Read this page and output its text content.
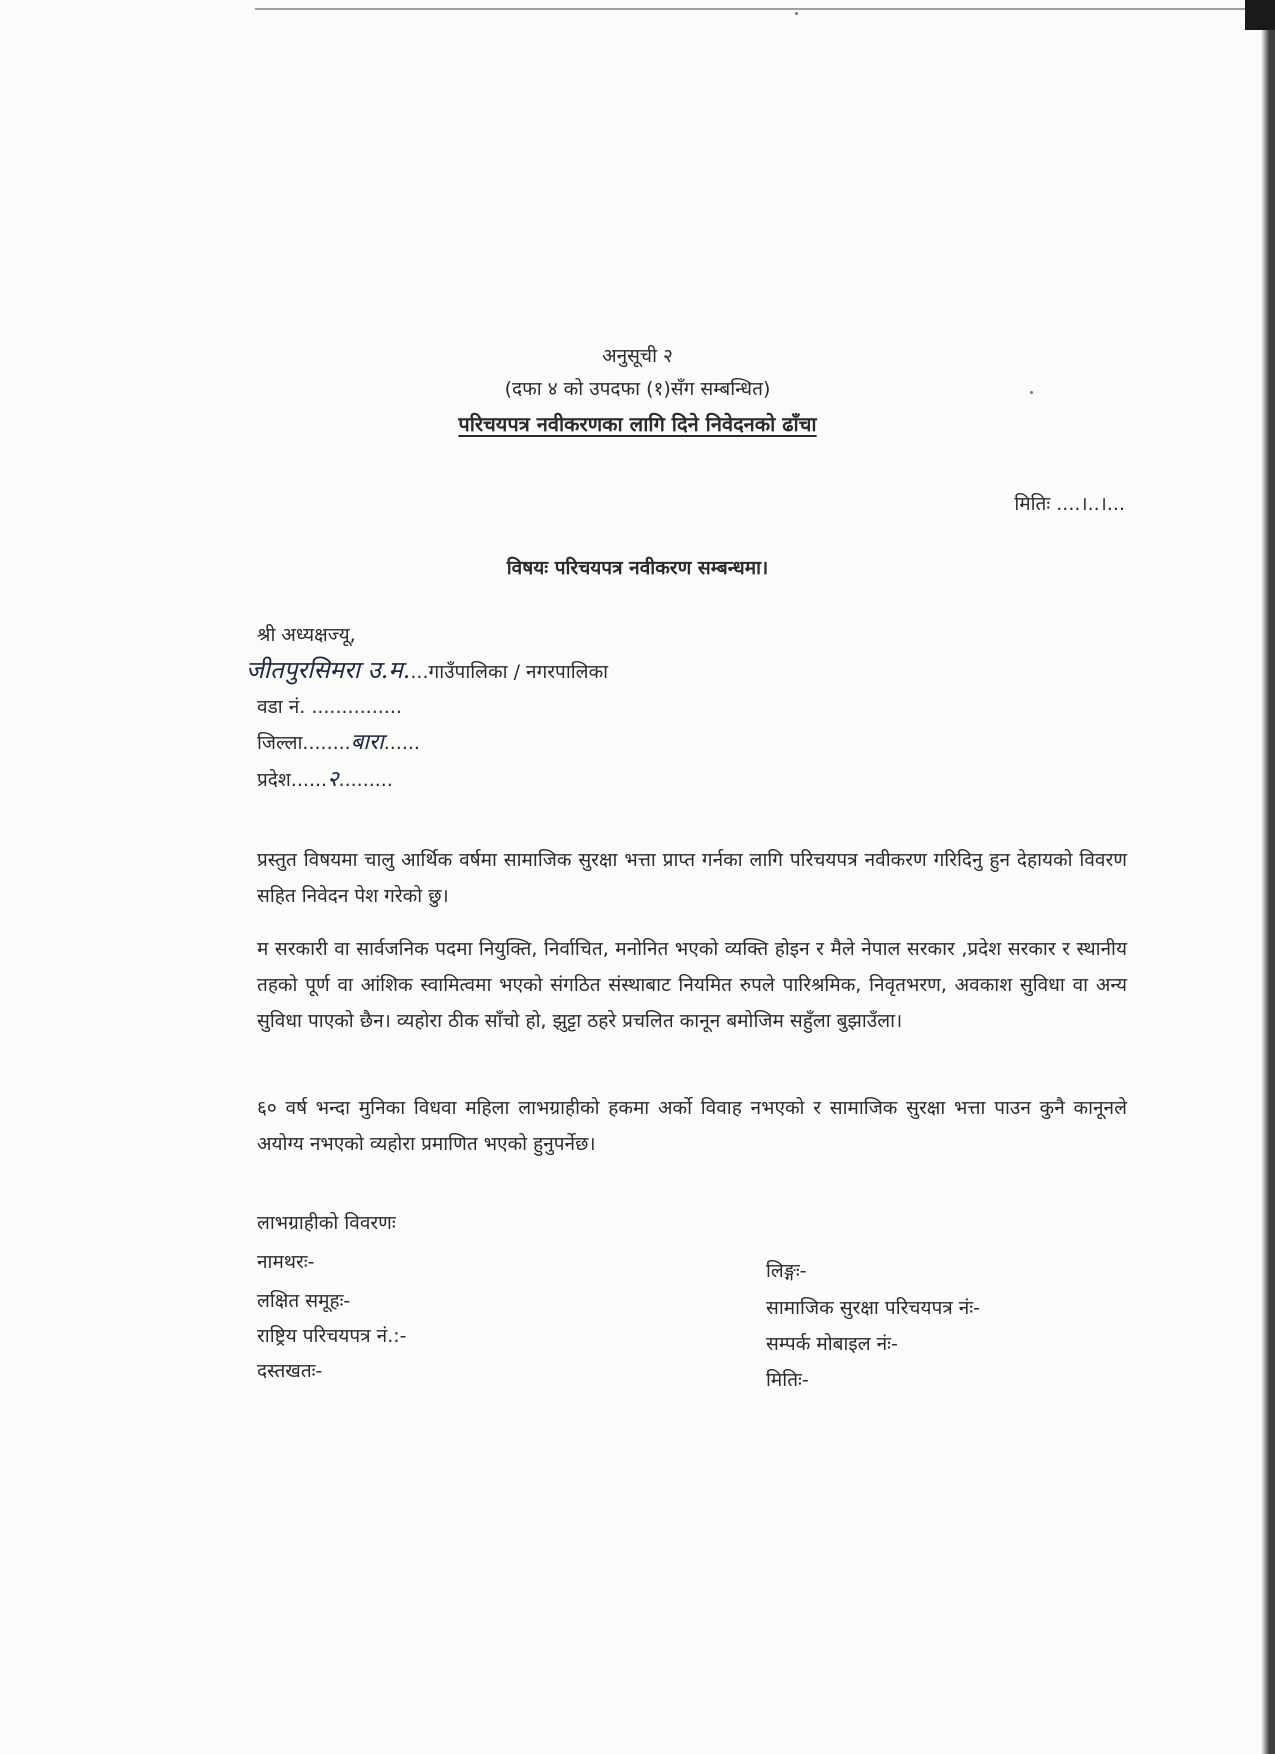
अनुसूची २
(दफा ४ को उपदफा (१)सँग सम्बन्धित)
परिचयपत्र नवीकरणका लागि दिने निवेदनको ढाँचा
मितिः ....।..।...
विषयः परिचयपत्र नवीकरण सम्बन्धमा।
श्री अध्यक्षज्यू,
जीतपुरसिमरा उ.म....गाउँपालिका / नगरपालिका
वडा नं. ...............
जिल्ला........बारा......
प्रदेश......२.........
प्रस्तुत विषयमा चालु आर्थिक वर्षमा सामाजिक सुरक्षा भत्ता प्राप्त गर्नका लागि परिचयपत्र नवीकरण गरिदिनु हुन देहायको विवरण सहित निवेदन पेश गरेको छु।
म सरकारी वा सार्वजनिक पदमा नियुक्ति, निर्वाचित, मनोनित भएको व्यक्ति होइन र मैले नेपाल सरकार ,प्रदेश सरकार र स्थानीय तहको पूर्ण वा आंशिक स्वामित्वमा भएको संगठित संस्थाबाट नियमित रुपले पारिश्रमिक, निवृतभरण, अवकाश सुविधा वा अन्य सुविधा पाएको छैन। व्यहोरा ठीक साँचो हो, झुट्टा ठहरे प्रचलित कानून बमोजिम सहुँला बुझाउँला।
६० वर्ष भन्दा मुनिका विधवा महिला लाभग्राहीको हकमा अर्को विवाह नभएको र सामाजिक सुरक्षा भत्ता पाउन कुनै कानूनले अयोग्य नभएको व्यहोरा प्रमाणित भएको हुनुपर्नेछ।
लाभग्राहीको विवरणः
नामथरः-
लक्षित समूहः-
राष्ट्रिय परिचयपत्र नं.:-
दस्तखतः-
लिङ्गः-
सामाजिक सुरक्षा परिचयपत्र नंः-
सम्पर्क मोबाइल नंः-
मितिः-
